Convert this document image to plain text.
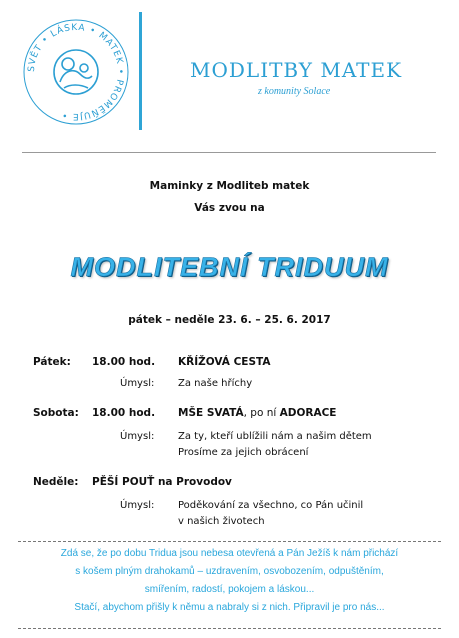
SVĚT • LÁSKA • MATEK • PROMĚŇUJE •
MODLITBY MATEK
z komunity Solace
Maminky z Modliteb matek
Vás zvou na
MODLITEBNÍ TRIDUUM
pátek – neděle 23. 6. – 25. 6. 2017
Pátek: 18.00 hod. KŘÍŽOVÁ CESTA
Úmysl: Za naše hříchy
Sobota: 18.00 hod. MŠE SVATÁ, po ní ADORACE
Úmysl: Za ty, kteří ublížili nám a našim dětem
Prosíme za jejich obrácení
Neděle: PĚŠÍ POUŤ na Provodov
Úmysl: Poděkování za všechno, co Pán učinil
v našich životech
Zdá se, že po dobu Tridua jsou nebesa otevřená a Pán Ježíš k nám přichází
s košem plným drahokamů – uzdravením, osvobozením, odpuštěním,
smířením, radostí, pokojem a láskou...
Stačí, abychom přišly k němu a nabraly si z nich. Připravil je pro nás...
